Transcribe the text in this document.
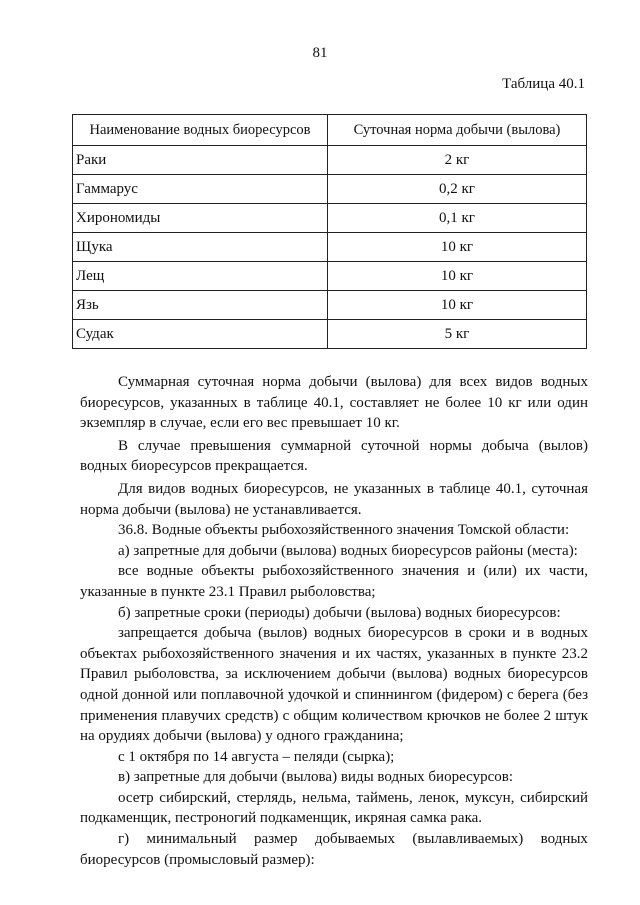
81
Таблица 40.1
Наименование водных биоресурсов	Суточная норма добычи (вылова)
Раки	2 кг
Гаммарус	0,2 кг
Хирономиды	0,1 кг
Щука	10 кг
Лещ	10 кг
Язь	10 кг
Судак	5 кг

Суммарная суточная норма добычи (вылова) для всех видов водных биоресурсов, указанных в таблице 40.1, составляет не более 10 кг или один экземпляр в случае, если его вес превышает 10 кг.

В случае превышения суммарной суточной нормы добыча (вылов) водных биоресурсов прекращается.

Для видов водных биоресурсов, не указанных в таблице 40.1, суточная норма добычи (вылова) не устанавливается.

36.8. Водные объекты рыбохозяйственного значения Томской области:

а) запретные для добычи (вылова) водных биоресурсов районы (места):

все водные объекты рыбохозяйственного значения и (или) их части, указанные в пункте 23.1 Правил рыболовства;

б) запретные сроки (периоды) добычи (вылова) водных биоресурсов:

запрещается добыча (вылов) водных биоресурсов в сроки и в водных объектах рыбохозяйственного значения и их частях, указанных в пункте 23.2 Правил рыболовства, за исключением добычи (вылова) водных биоресурсов одной донной или поплавочной удочкой и спиннингом (фидером) с берега (без применения плавучих средств) с общим количеством крючков не более 2 штук на орудиях добычи (вылова) у одного гражданина;

с 1 октября по 14 августа – пеляди (сырка);

в) запретные для добычи (вылова) виды водных биоресурсов:

осетр сибирский, стерлядь, нельма, таймень, ленок, муксун, сибирский подкаменщик, пестроногий подкаменщик, икряная самка рака.

г) минимальный размер добываемых (вылавливаемых) водных
биоресурсов (промысловый размер):
